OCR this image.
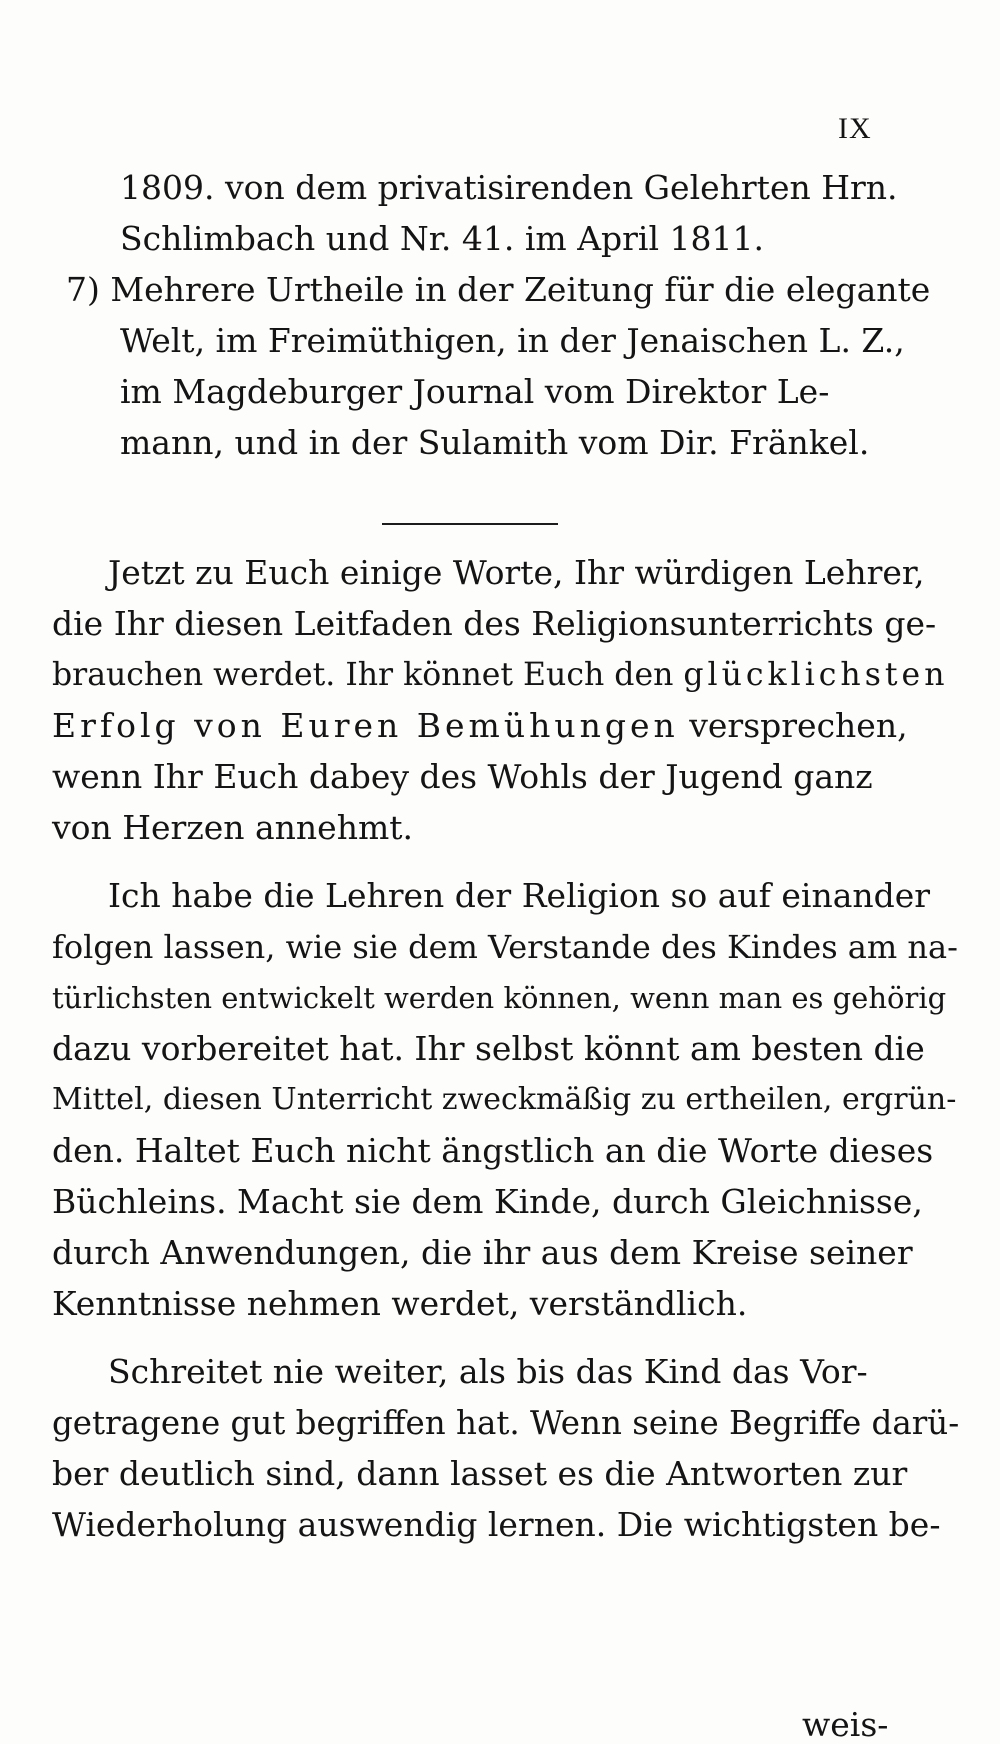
IX
1809. von dem privatisirenden Gelehrten Hrn.
Schlimbach und Nr. 41. im April 1811.
7) Mehrere Urtheile in der Zeitung für die elegante
Welt, im Freimüthigen, in der Jenaischen L. Z.,
im Magdeburger Journal vom Direktor Le-
mann, und in der Sulamith vom Dir. Fränkel.
Jetzt zu Euch einige Worte, Ihr würdigen Lehrer,
die Ihr diesen Leitfaden des Religionsunterrichts ge-
brauchen werdet. Ihr könnet Euch den glücklichsten
Erfolg von Euren Bemühungen versprechen,
wenn Ihr Euch dabey des Wohls der Jugend ganz
von Herzen annehmt.
Ich habe die Lehren der Religion so auf einander
folgen lassen, wie sie dem Verstande des Kindes am na-
türlichsten entwickelt werden können, wenn man es gehörig
dazu vorbereitet hat. Ihr selbst könnt am besten die
Mittel, diesen Unterricht zweckmäßig zu ertheilen, ergrün-
den. Haltet Euch nicht ängstlich an die Worte dieses
Büchleins. Macht sie dem Kinde, durch Gleichnisse,
durch Anwendungen, die ihr aus dem Kreise seiner
Kenntnisse nehmen werdet, verständlich.
Schreitet nie weiter, als bis das Kind das Vor-
getragene gut begriffen hat. Wenn seine Begriffe darü-
ber deutlich sind, dann lasset es die Antworten zur
Wiederholung auswendig lernen. Die wichtigsten be-
weis-
